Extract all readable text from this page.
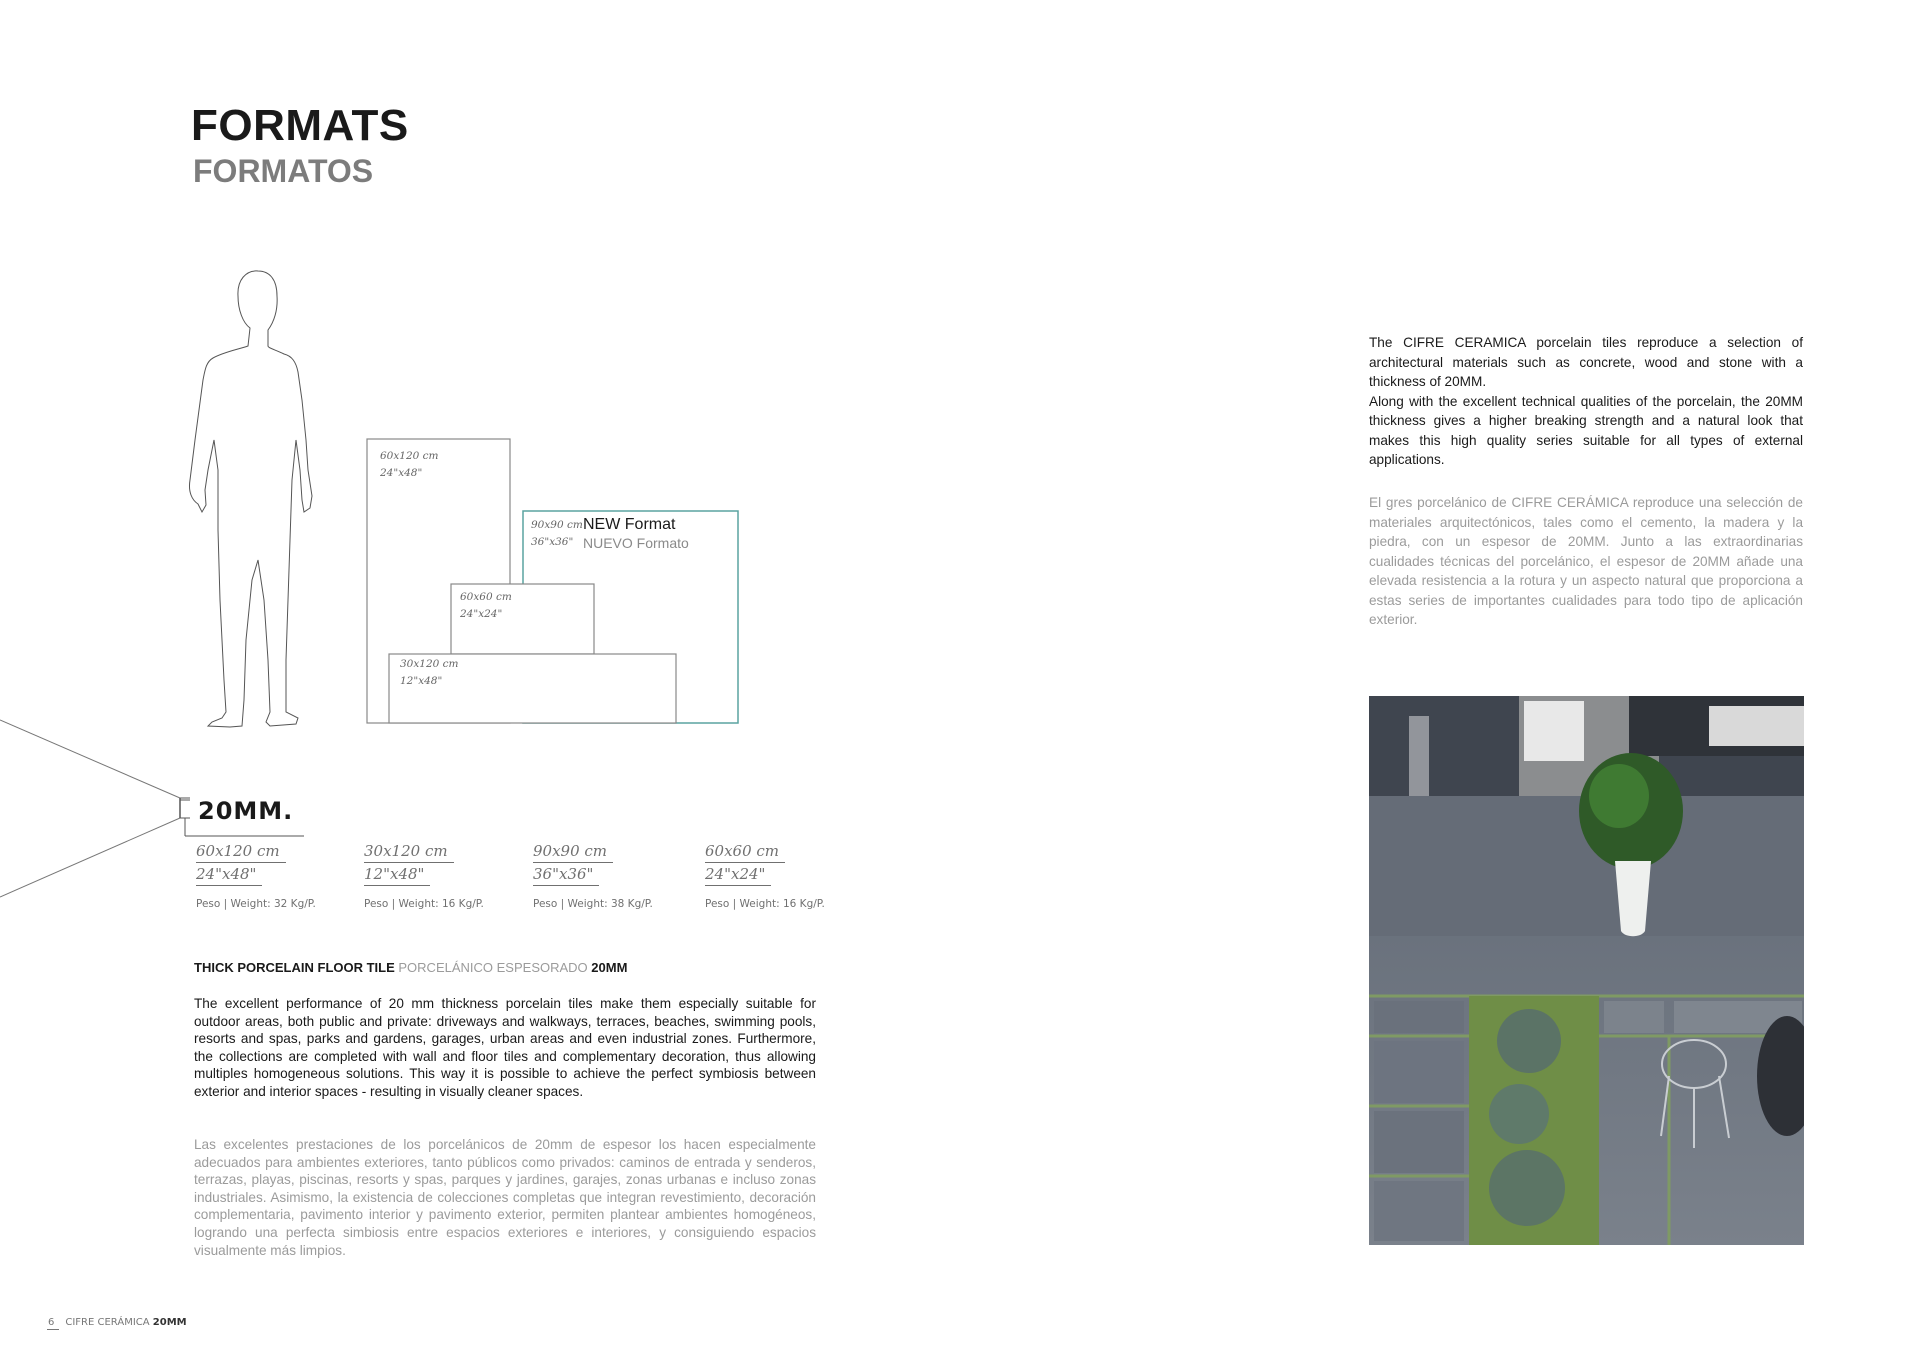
FORMATS
FORMATOS
60x120 cm
24"x48"
90x90 cm
36"x36"
NEW Format
NUEVO Formato
60x60 cm
24"x24"
30x120 cm
12"x48"
20MM.
60x120 cm
24"x48"
Peso | Weight: 32 Kg/P.
30x120 cm
12"x48"
Peso | Weight: 16 Kg/P.
90x90 cm
36"x36"
Peso | Weight: 38 Kg/P.
60x60 cm
24"x24"
Peso | Weight: 16 Kg/P.
THICK PORCELAIN FLOOR TILE PORCELÁNICO ESPESORADO 20MM
The excellent performance of 20 mm thickness porcelain tiles make them especially suitable for outdoor areas, both public and private: driveways and walkways, terraces, beaches, swimming pools, resorts and spas, parks and gardens, garages, urban areas and even industrial zones. Furthermore, the collections are completed with wall and floor tiles and complementary decoration, thus allowing multiples homogeneous solutions. This way it is possible to achieve the perfect symbiosis between exterior and interior spaces - resulting in visually cleaner spaces.
Las excelentes prestaciones de los porcelánicos de 20mm de espesor los hacen especialmente adecuados para ambientes exteriores, tanto públicos como privados: caminos de entrada y senderos, terrazas, playas, piscinas, resorts y spas, parques y jardines, garajes, zonas urbanas e incluso zonas industriales. Asimismo, la existencia de colecciones completas que integran revestimiento, decoración complementaria, pavimento interior y pavimento exterior, permiten plantear ambientes homogéneos, logrando una perfecta simbiosis entre espacios exteriores e interiores, y consiguiendo espacios visualmente más limpios.

The CIFRE CERAMICA porcelain tiles reproduce a selection of architectural materials such as concrete, wood and stone with a thickness of 20MM.

Along with the excellent technical qualities of the porcelain, the 20MM thickness gives a higher breaking strength and a natural look that makes this high quality series suitable for all types of external applications.

El gres porcelánico de CIFRE CERÁMICA reproduce una selección de materiales arquitectónicos, tales como el cemento, la madera y la piedra, con un espesor de 20MM. Junto a las extraordinarias cualidades técnicas del porcelánico, el espesor de 20MM añade una elevada resistencia a la rotura y un aspecto natural que proporciona a estas series de importantes cualidades para todo tipo de aplicación exterior.
6 CIFRE CERÁMICA 20MM
